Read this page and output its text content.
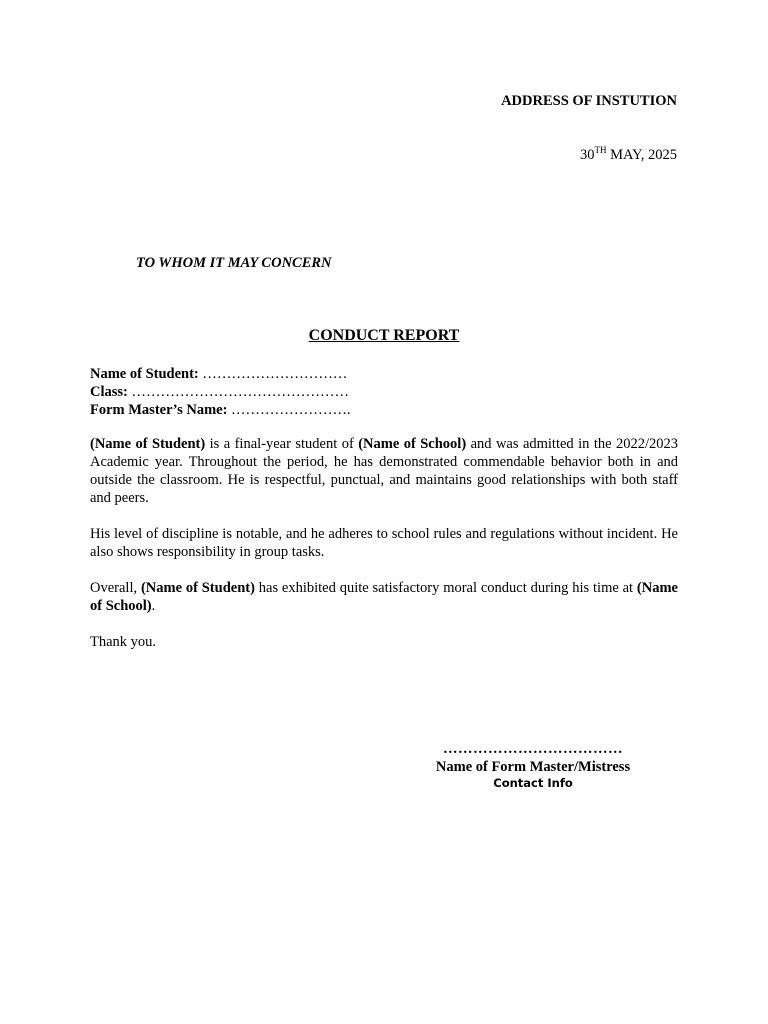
ADDRESS OF INSTUTION
30TH MAY, 2025
TO WHOM IT MAY CONCERN
CONDUCT REPORT
Name of Student: …………………………
Class: ………………………………………
Form Master’s Name: …………………….

(Name of Student) is a final-year student of (Name of School) and was admitted in the 2022/2023 Academic year. Throughout the period, he has demonstrated commendable behavior both in and outside the classroom. He is respectful, punctual, and maintains good relationships with both staff and peers.

His level of discipline is notable, and he adheres to school rules and regulations without incident. He also shows responsibility in group tasks.

Overall, (Name of Student) has exhibited quite satisfactory moral conduct during his time at (Name of School).

Thank you.

………………………………
Name of Form Master/Mistress
Contact Info
